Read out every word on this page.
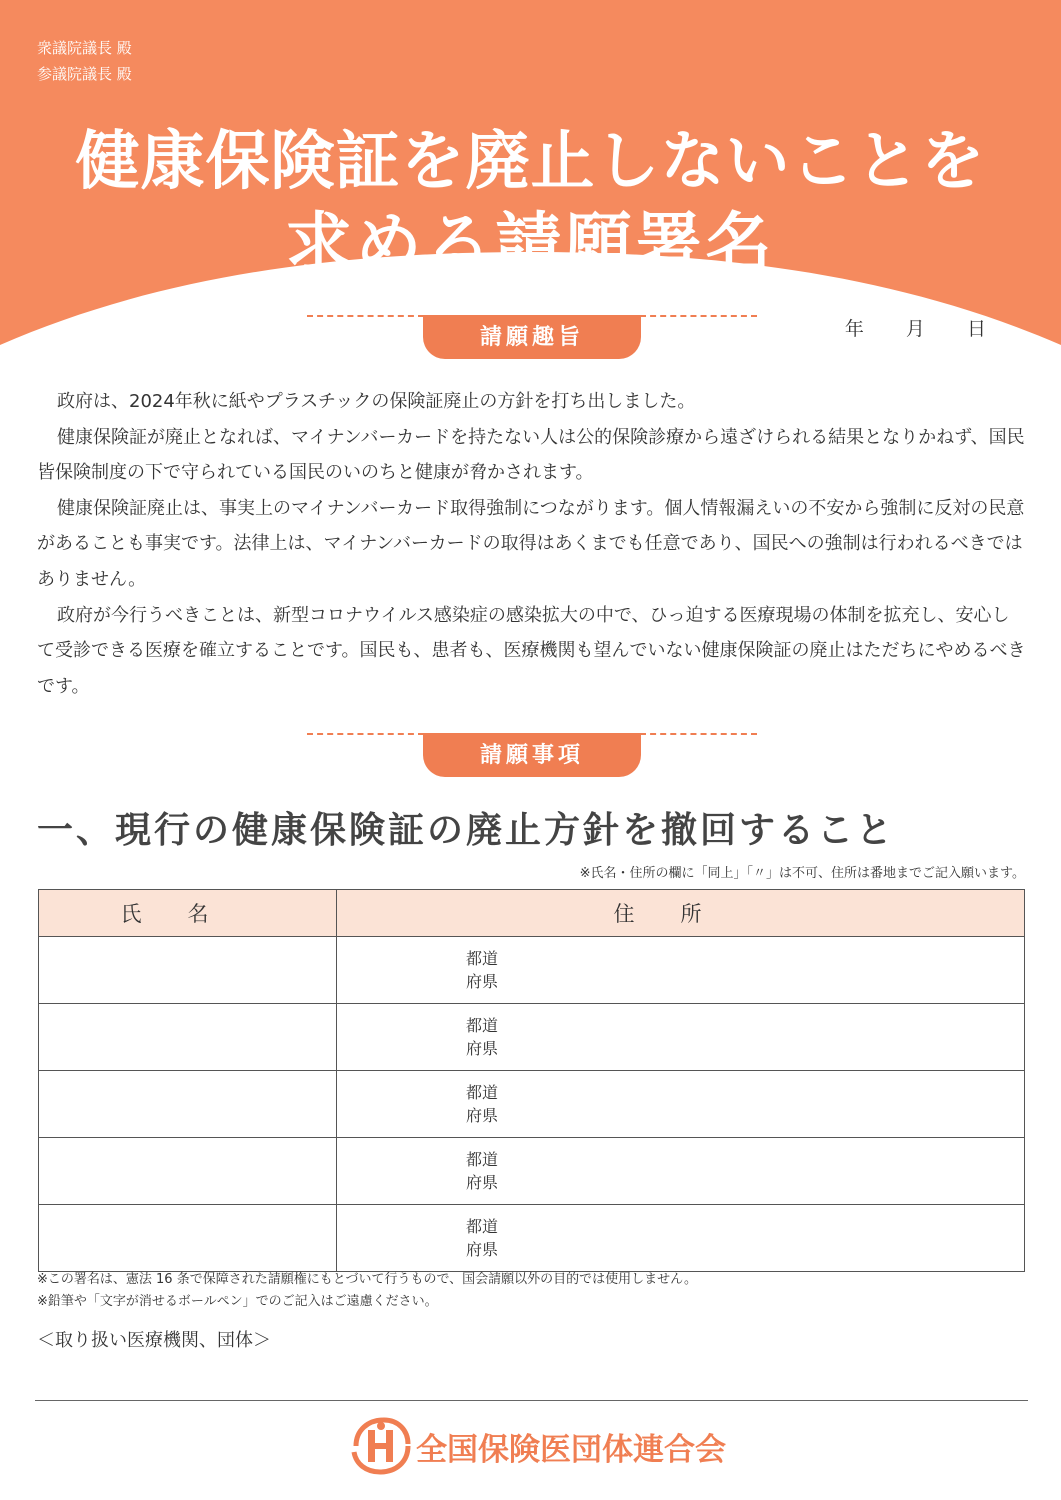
衆議院議長 殿
参議院議長 殿
健康保険証を廃止しないことを
求める請願署名
年 月 日
請願趣旨

政府は、2024年秋に紙やプラスチックの保険証廃止の方針を打ち出しました。

健康保険証が廃止となれば、マイナンバーカードを持たない人は公的保険診療から遠ざけられる結果となりかねず、国民皆保険制度の下で守られている国民のいのちと健康が脅かされます。

健康保険証廃止は、事実上のマイナンバーカード取得強制につながります。個人情報漏えいの不安から強制に反対の民意があることも事実です。法律上は、マイナンバーカードの取得はあくまでも任意であり、国民への強制は行われるべきではありません。

政府が今行うべきことは、新型コロナウイルス感染症の感染拡大の中で、ひっ迫する医療現場の体制を拡充し、安心して受診できる医療を確立することです。国民も、患者も、医療機関も望んでいない健康保険証の廃止はただちにやめるべきです。

請願事項
一、現行の健康保険証の廃止方針を撤回すること
※氏名・住所の欄に「同上」「〃」は不可、住所は番地までご記入願います。
氏名	住所

	都道
府県

	都道
府県

	都道
府県

	都道
府県

	都道
府県
※この署名は、憲法 16 条で保障された請願権にもとづいて行うもので、国会請願以外の目的では使用しません。
※鉛筆や「文字が消せるボールペン」でのご記入はご遠慮ください。
＜取り扱い医療機関、団体＞
全国保険医団体連合会
